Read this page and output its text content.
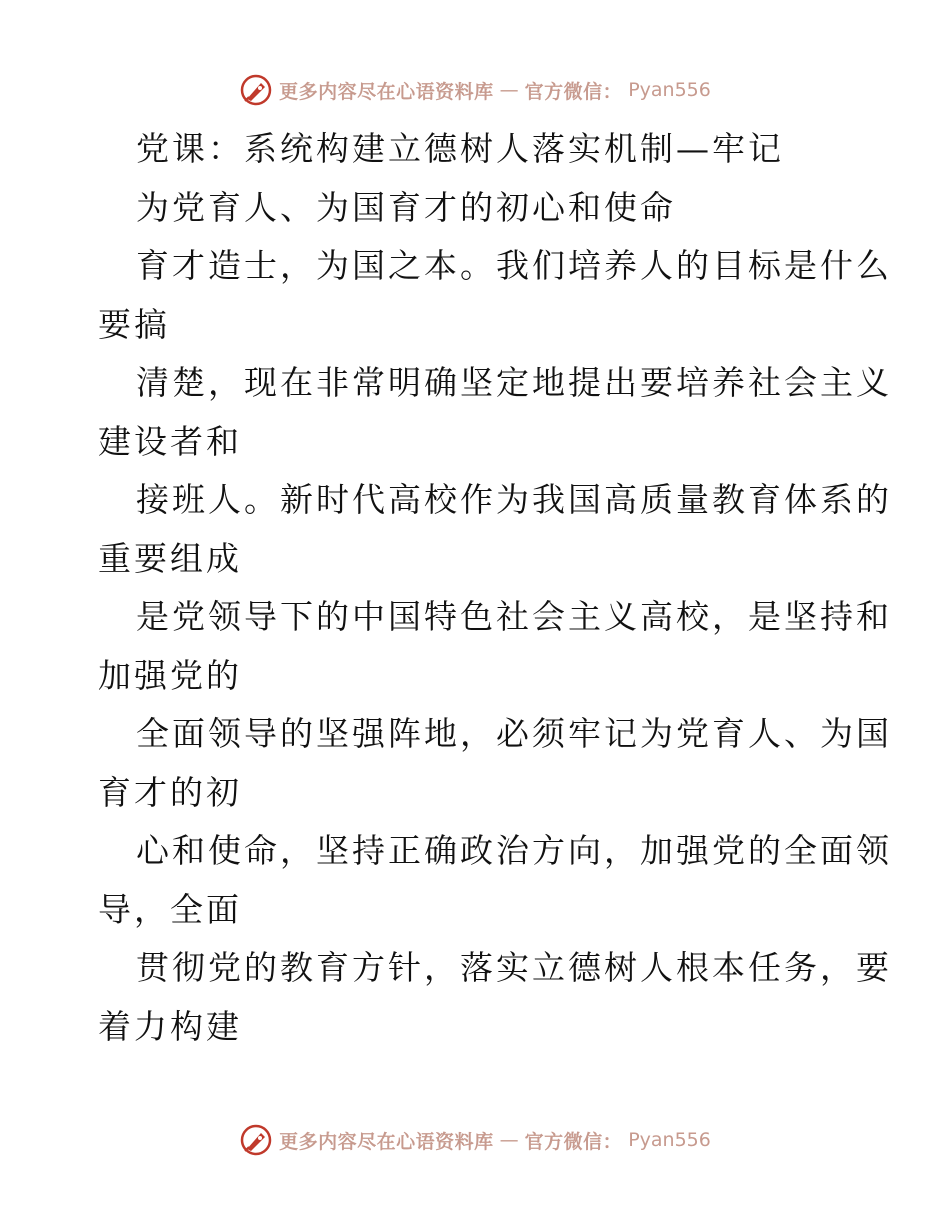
更多内容尽在心语资料库 — 官方微信： Pyan556
党课：系统构建立德树人落实机制—牢记
为党育人、为国育才的初心和使命
育才造士，为国之本。我们培养人的目标是什么
要搞
清楚，现在非常明确坚定地提出要培养社会主义
建设者和
接班人。新时代高校作为我国高质量教育体系的
重要组成
是党领导下的中国特色社会主义高校，是坚持和
加强党的
全面领导的坚强阵地，必须牢记为党育人、为国
育才的初
心和使命，坚持正确政治方向，加强党的全面领
导，全面
贯彻党的教育方针，落实立德树人根本任务，要
着力构建
更多内容尽在心语资料库 — 官方微信： Pyan556
